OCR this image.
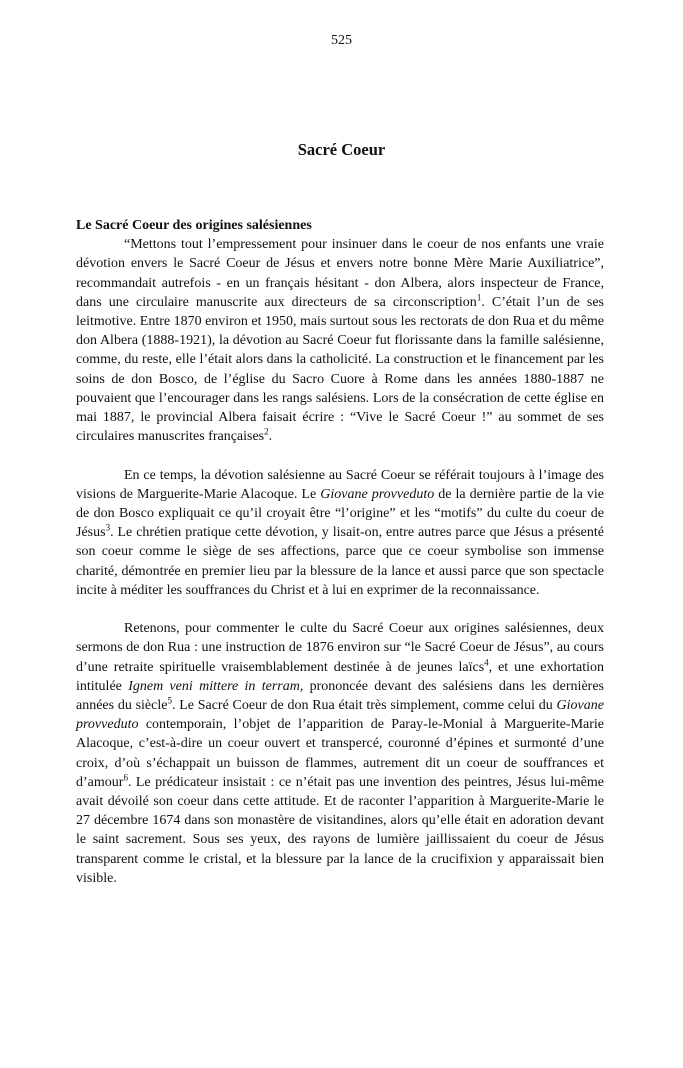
525
Sacré Coeur

Le Sacré Coeur des origines salésiennes

“Mettons tout l’empressement pour insinuer dans le coeur de nos enfants une vraie dévotion envers le Sacré Coeur de Jésus et envers notre bonne Mère Marie Auxiliatrice”, recommandait autrefois - en un français hésitant - don Albera, alors inspecteur de France, dans une circulaire manuscrite aux directeurs de sa circonscription$^1$. C’était l’un de ses leitmotive. Entre 1870 environ et 1950, mais surtout sous les rectorats de don Rua et du même don Albera (1888-1921), la dévotion au Sacré Coeur fut florissante dans la famille salésienne, comme, du reste, elle l’était alors dans la catholicité. La construction et le financement par les soins de don Bosco, de l’église du Sacro Cuore à Rome dans les années 1880-1887 ne pouvaient que l’encourager dans les rangs salésiens. Lors de la consécration de cette église en mai 1887, le provincial Albera faisait écrire : “Vive le Sacré Coeur !” au sommet de ses circulaires manuscrites françaises$^2$.

En ce temps, la dévotion salésienne au Sacré Coeur se référait toujours à l’image des visions de Marguerite-Marie Alacoque. Le Giovane provveduto de la dernière partie de la vie de don Bosco expliquait ce qu’il croyait être “l’origine” et les “motifs” du culte du coeur de Jésus$^3$. Le chrétien pratique cette dévotion, y lisait-on, entre autres parce que Jésus a présenté son coeur comme le siège de ses affections, parce que ce coeur symbolise son immense charité, démontrée en premier lieu par la blessure de la lance et aussi parce que son spectacle incite à méditer les souffrances du Christ et à lui en exprimer de la reconnaissance.

Retenons, pour commenter le culte du Sacré Coeur aux origines salésiennes, deux sermons de don Rua : une instruction de 1876 environ sur “le Sacré Coeur de Jésus”, au cours d’une retraite spirituelle vraisemblablement destinée à de jeunes laïcs$^4$, et une exhortation intitulée Ignem veni mittere in terram, prononcée devant des salésiens dans les dernières années du siècle$^5$. Le Sacré Coeur de don Rua était très simplement, comme celui du Giovane provveduto contemporain, l’objet de l’apparition de Paray-le-Monial à Marguerite-Marie Alacoque, c’est-à-dire un coeur ouvert et transpercé, couronné d’épines et surmonté d’une croix, d’où s’échappait un buisson de flammes, autrement dit un coeur de souffrances et d’amour$^6$. Le prédicateur insistait : ce n’était pas une invention des peintres, Jésus lui-même avait dévoilé son coeur dans cette attitude. Et de raconter l’apparition à Marguerite-Marie le 27 décembre 1674 dans son monastère de visitandines, alors qu’elle était en adoration devant le saint sacrement. Sous ses yeux, des rayons de lumière jaillissaient du coeur de Jésus transparent comme le cristal, et la blessure par la lance de la crucifixion y apparaissait bien visible.
